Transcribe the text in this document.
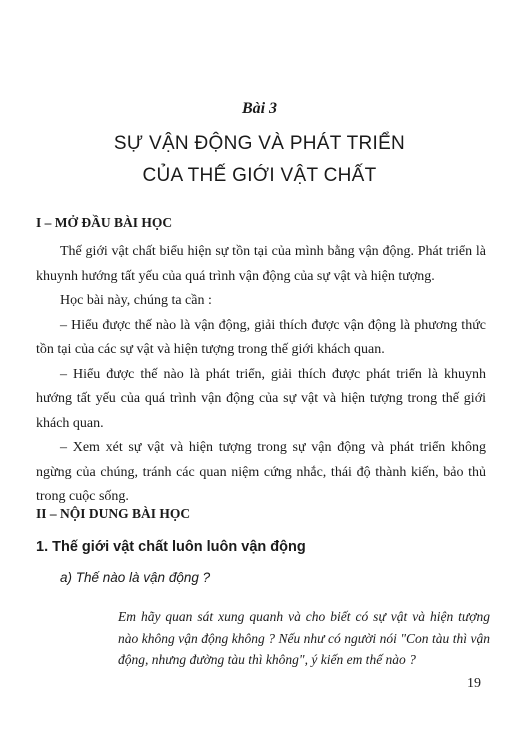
Bài 3
SỰ VẬN ĐỘNG VÀ PHÁT TRIỂN
CỦA THẾ GIỚI VẬT CHẤT
I – MỞ ĐẦU BÀI HỌC

Thế giới vật chất biểu hiện sự tồn tại của mình bằng vận động. Phát triển là khuynh hướng tất yếu của quá trình vận động của sự vật và hiện tượng.

Học bài này, chúng ta cần :

– Hiểu được thế nào là vận động, giải thích được vận động là phương thức tồn tại của các sự vật và hiện tượng trong thế giới khách quan.

– Hiểu được thế nào là phát triển, giải thích được phát triển là khuynh hướng tất yếu của quá trình vận động của sự vật và hiện tượng trong thế giới khách quan.

– Xem xét sự vật và hiện tượng trong sự vận động và phát triển không ngừng của chúng, tránh các quan niệm cứng nhắc, thái độ thành kiến, bảo thủ trong cuộc sống.

II – NỘI DUNG BÀI HỌC
1. Thế giới vật chất luôn luôn vận động
a) Thế nào là vận động ?
Em hãy quan sát xung quanh và cho biết có sự vật và hiện tượng nào không vận động không ? Nếu như có người nói "Con tàu thì vận động, nhưng đường tàu thì không", ý kiến em thế nào ?
19
